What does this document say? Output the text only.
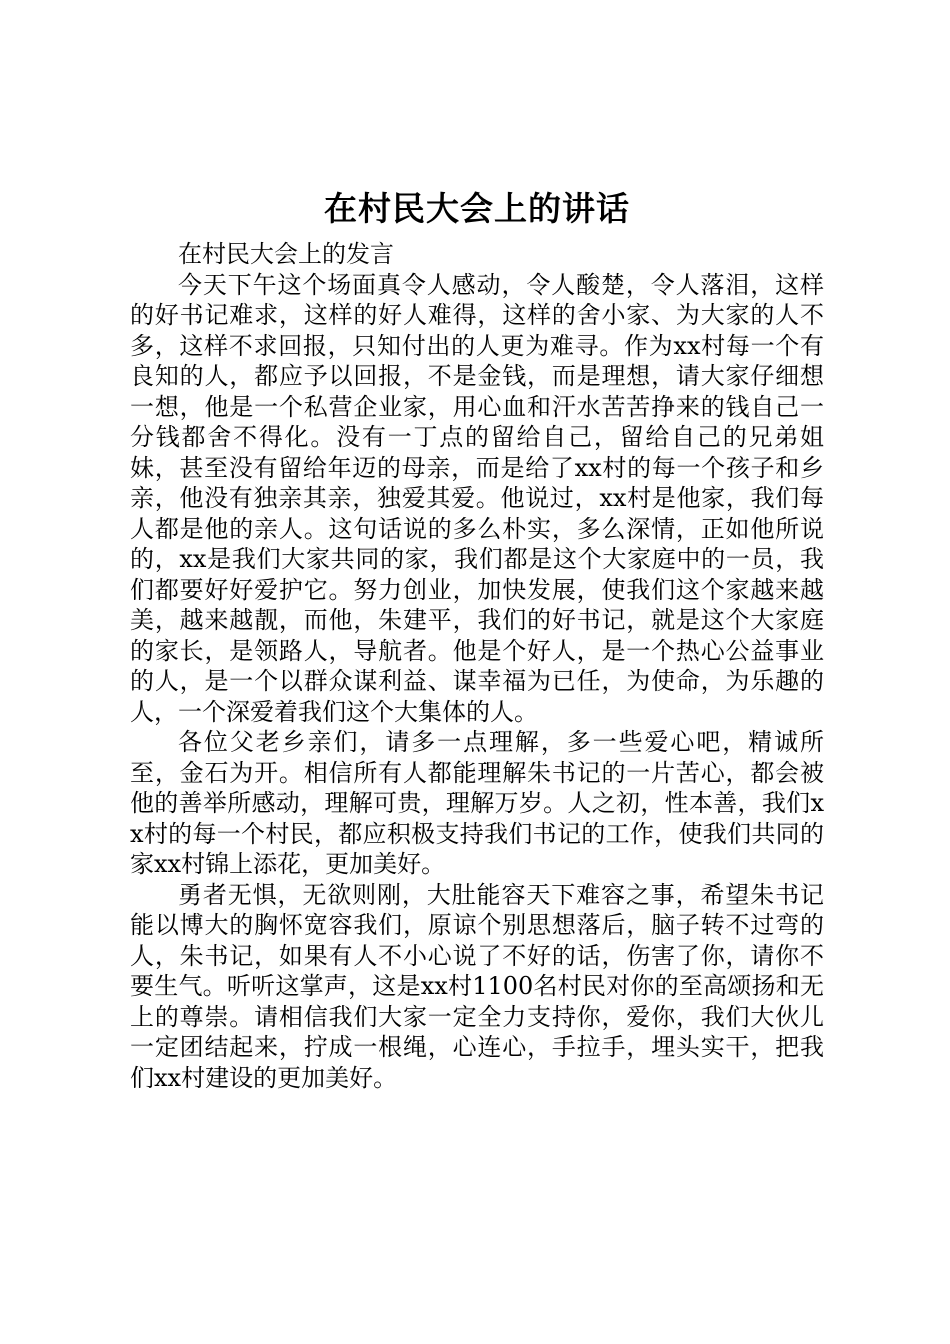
在村民大会上的讲话

在村民大会上的发言

今天下午这个场面真令人感动，令人酸楚，令人落泪，这样的好书记难求，这样的好人难得，这样的舍小家、为大家的人不多，这样不求回报，只知付出的人更为难寻。作为xx村每一个有良知的人，都应予以回报，不是金钱，而是理想，请大家仔细想一想，他是一个私营企业家，用心血和汗水苦苦挣来的钱自己一分钱都舍不得化。没有一丁点的留给自己，留给自己的兄弟姐妹，甚至没有留给年迈的母亲，而是给了xx村的每一个孩子和乡亲，他没有独亲其亲，独爱其爱。他说过，xx村是他家，我们每人都是他的亲人。这句话说的多么朴实，多么深情，正如他所说的，xx是我们大家共同的家，我们都是这个大家庭中的一员，我们都要好好爱护它。努力创业，加快发展，使我们这个家越来越美，越来越靓，而他，朱建平，我们的好书记，就是这个大家庭的家长，是领路人，导航者。他是个好人，是一个热心公益事业的人，是一个以群众谋利益、谋幸福为已任，为使命，为乐趣的人，一个深爱着我们这个大集体的人。

各位父老乡亲们，请多一点理解，多一些爱心吧，精诚所至，金石为开。相信所有人都能理解朱书记的一片苦心，都会被他的善举所感动，理解可贵，理解万岁。人之初，性本善，我们xx村的每一个村民，都应积极支持我们书记的工作，使我们共同的家xx村锦上添花，更加美好。

勇者无惧，无欲则刚，大肚能容天下难容之事，希望朱书记能以博大的胸怀宽容我们，原谅个别思想落后，脑子转不过弯的人，朱书记，如果有人不小心说了不好的话，伤害了你，请你不要生气。听听这掌声，这是xx村1100名村民对你的至高颂扬和无上的尊崇。请相信我们大家一定全力支持你，爱你，我们大伙儿一定团结起来，拧成一根绳，心连心，手拉手，埋头实干，把我们xx村建设的更加美好。
